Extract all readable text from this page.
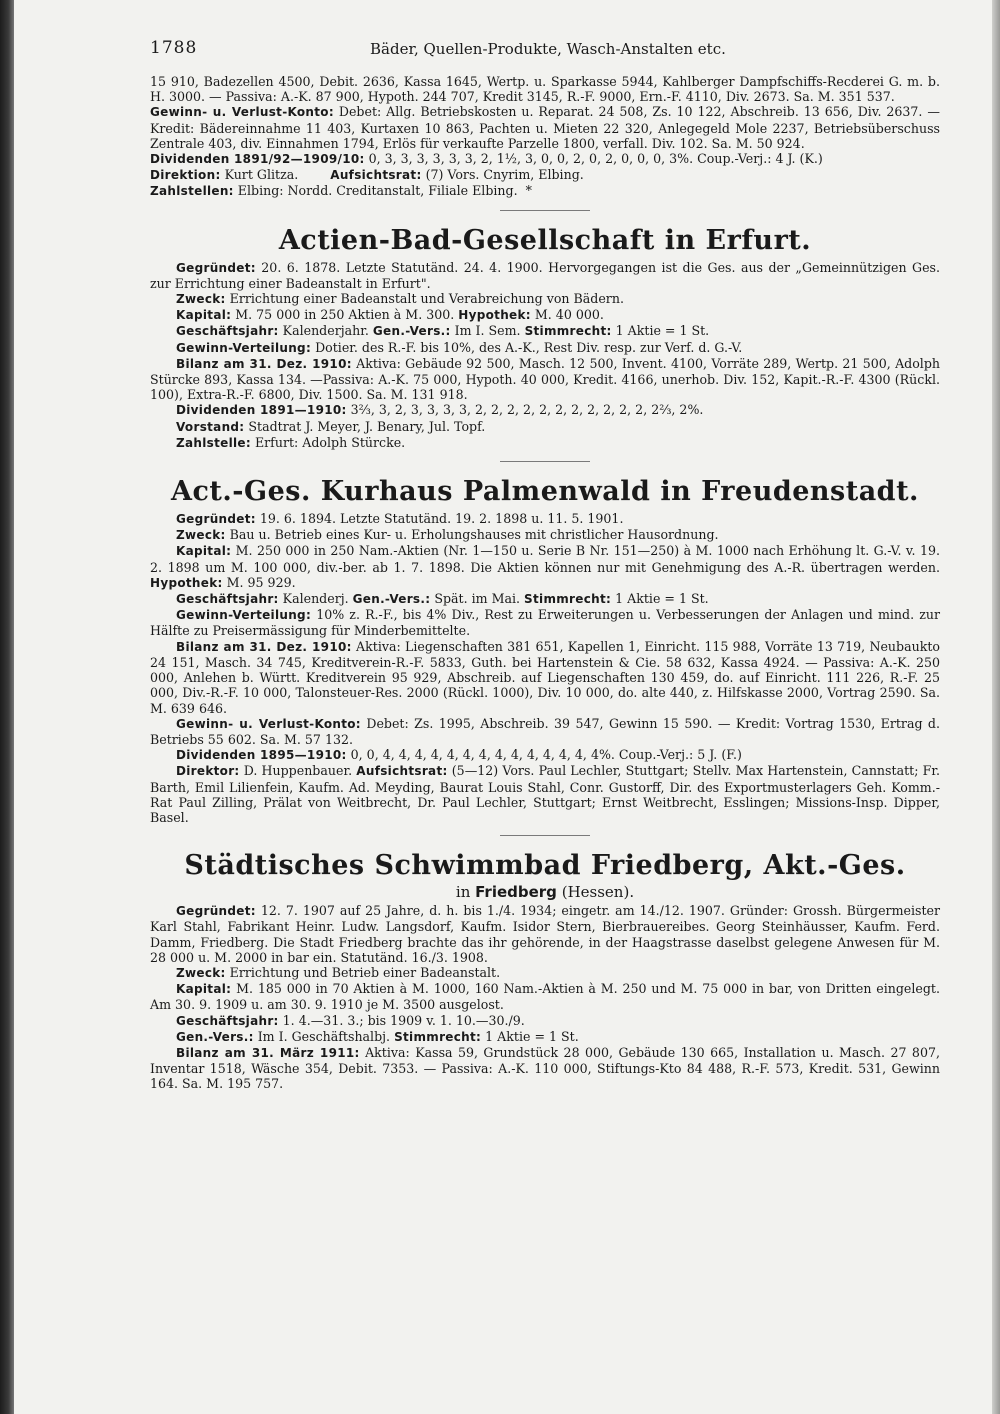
1788	Bäder, Quellen-Produkte, Wasch-Anstalten etc.

15 910, Badezellen 4500, Debit. 2636, Kassa 1645, Wertp. u. Sparkasse 5944, Kahlberger Dampfschiffs-Recderei G. m. b. H. 3000. — Passiva: A.-K. 87 900, Hypoth. 244 707, Kredit 3145, R.-F. 9000, Ern.-F. 4110, Div. 2673. Sa. M. 351 537.

Gewinn- u. Verlust-Konto: Debet: Allg. Betriebskosten u. Reparat. 24 508, Zs. 10 122, Abschreib. 13 656, Div. 2637. — Kredit: Bädereinnahme 11 403, Kurtaxen 10 863, Pachten u. Mieten 22 320, Anlegegeld Mole 2237, Betriebsüberschuss Zentrale 403, div. Einnahmen 1794, Erlös für verkaufte Parzelle 1800, verfall. Div. 102. Sa. M. 50 924.

Dividenden 1891/92—1909/10: 0, 3, 3, 3, 3, 3, 3, 2, 1½, 3, 0, 0, 2, 0, 2, 0, 0, 0, 3%. Coup.-Verj.: 4 J. (K.)

Direktion: Kurt Glitza.	Aufsichtsrat: (7) Vors. Cnyrim, Elbing.

Zahlstellen: Elbing: Nordd. Creditanstalt, Filiale Elbing. *

Actien-Bad-Gesellschaft in Erfurt.

Gegründet: 20. 6. 1878. Letzte Statutänd. 24. 4. 1900. Hervorgegangen ist die Ges. aus der „Gemeinnützigen Ges. zur Errichtung einer Badeanstalt in Erfurt".

Zweck: Errichtung einer Badeanstalt und Verabreichung von Bädern.

Kapital: M. 75 000 in 250 Aktien à M. 300. Hypothek: M. 40 000.

Geschäftsjahr: Kalenderjahr. Gen.-Vers.: Im I. Sem. Stimmrecht: 1 Aktie = 1 St.

Gewinn-Verteilung: Dotier. des R.-F. bis 10%, des A.-K., Rest Div. resp. zur Verf. d. G.-V.

Bilanz am 31. Dez. 1910: Aktiva: Gebäude 92 500, Masch. 12 500, Invent. 4100, Vorräte 289, Wertp. 21 500, Adolph Stürcke 893, Kassa 134. —Passiva: A.-K. 75 000, Hypoth. 40 000, Kredit. 4166, unerhob. Div. 152, Kapit.-R.-F. 4300 (Rückl. 100), Extra-R.-F. 6800, Div. 1500. Sa. M. 131 918.

Dividenden 1891—1910: 3⅔, 3, 2, 3, 3, 3, 3, 2, 2, 2, 2, 2, 2, 2, 2, 2, 2, 2, 2⅔, 2%.

Vorstand: Stadtrat J. Meyer, J. Benary, Jul. Topf.

Zahlstelle: Erfurt: Adolph Stürcke.

Act.-Ges. Kurhaus Palmenwald in Freudenstadt.

Gegründet: 19. 6. 1894. Letzte Statutänd. 19. 2. 1898 u. 11. 5. 1901.

Zweck: Bau u. Betrieb eines Kur- u. Erholungshauses mit christlicher Hausordnung.

Kapital: M. 250 000 in 250 Nam.-Aktien (Nr. 1—150 u. Serie B Nr. 151—250) à M. 1000 nach Erhöhung lt. G.-V. v. 19. 2. 1898 um M. 100 000, div.-ber. ab 1. 7. 1898. Die Aktien können nur mit Genehmigung des A.-R. übertragen werden. Hypothek: M. 95 929.

Geschäftsjahr: Kalenderj. Gen.-Vers.: Spät. im Mai. Stimmrecht: 1 Aktie = 1 St.

Gewinn-Verteilung: 10% z. R.-F., bis 4% Div., Rest zu Erweiterungen u. Verbesserungen der Anlagen und mind. zur Hälfte zu Preisermässigung für Minderbemittelte.

Bilanz am 31. Dez. 1910: Aktiva: Liegenschaften 381 651, Kapellen 1, Einricht. 115 988, Vorräte 13 719, Neubaukto 24 151, Masch. 34 745, Kreditverein-R.-F. 5833, Guth. bei Hartenstein & Cie. 58 632, Kassa 4924. — Passiva: A.-K. 250 000, Anlehen b. Württ. Kreditverein 95 929, Abschreib. auf Liegenschaften 130 459, do. auf Einricht. 111 226, R.-F. 25 000, Div.-R.-F. 10 000, Talonsteuer-Res. 2000 (Rückl. 1000), Div. 10 000, do. alte 440, z. Hilfskasse 2000, Vortrag 2590. Sa. M. 639 646.

Gewinn- u. Verlust-Konto: Debet: Zs. 1995, Abschreib. 39 547, Gewinn 15 590. — Kredit: Vortrag 1530, Ertrag d. Betriebs 55 602. Sa. M. 57 132.

Dividenden 1895—1910: 0, 0, 4, 4, 4, 4, 4, 4, 4, 4, 4, 4, 4, 4, 4, 4%. Coup.-Verj.: 5 J. (F.)

Direktor: D. Huppenbauer. Aufsichtsrat: (5—12) Vors. Paul Lechler, Stuttgart; Stellv. Max Hartenstein, Cannstatt; Fr. Barth, Emil Lilienfein, Kaufm. Ad. Meyding, Baurat Louis Stahl, Conr. Gustorff, Dir. des Exportmusterlagers Geh. Komm.-Rat Paul Zilling, Prälat von Weitbrecht, Dr. Paul Lechler, Stuttgart; Ernst Weitbrecht, Esslingen; Missions-Insp. Dipper, Basel.

Städtisches Schwimmbad Friedberg, Akt.-Ges.
in Friedberg (Hessen).

Gegründet: 12. 7. 1907 auf 25 Jahre, d. h. bis 1./4. 1934; eingetr. am 14./12. 1907. Gründer: Grossh. Bürgermeister Karl Stahl, Fabrikant Heinr. Ludw. Langsdorf, Kaufm. Isidor Stern, Bierbrauereibes. Georg Steinhäusser, Kaufm. Ferd. Damm, Friedberg. Die Stadt Friedberg brachte das ihr gehörende, in der Haagstrasse daselbst gelegene Anwesen für M. 28 000 u. M. 2000 in bar ein. Statutänd. 16./3. 1908.

Zweck: Errichtung und Betrieb einer Badeanstalt.

Kapital: M. 185 000 in 70 Aktien à M. 1000, 160 Nam.-Aktien à M. 250 und M. 75 000 in bar, von Dritten eingelegt. Am 30. 9. 1909 u. am 30. 9. 1910 je M. 3500 ausgelost.

Geschäftsjahr: 1. 4.—31. 3.; bis 1909 v. 1. 10.—30./9.

Gen.-Vers.: Im I. Geschäftshalbj. Stimmrecht: 1 Aktie = 1 St.

Bilanz am 31. März 1911: Aktiva: Kassa 59, Grundstück 28 000, Gebäude 130 665, Installation u. Masch. 27 807, Inventar 1518, Wäsche 354, Debit. 7353. — Passiva: A.-K. 110 000, Stiftungs-Kto 84 488, R.-F. 573, Kredit. 531, Gewinn 164. Sa. M. 195 757.
